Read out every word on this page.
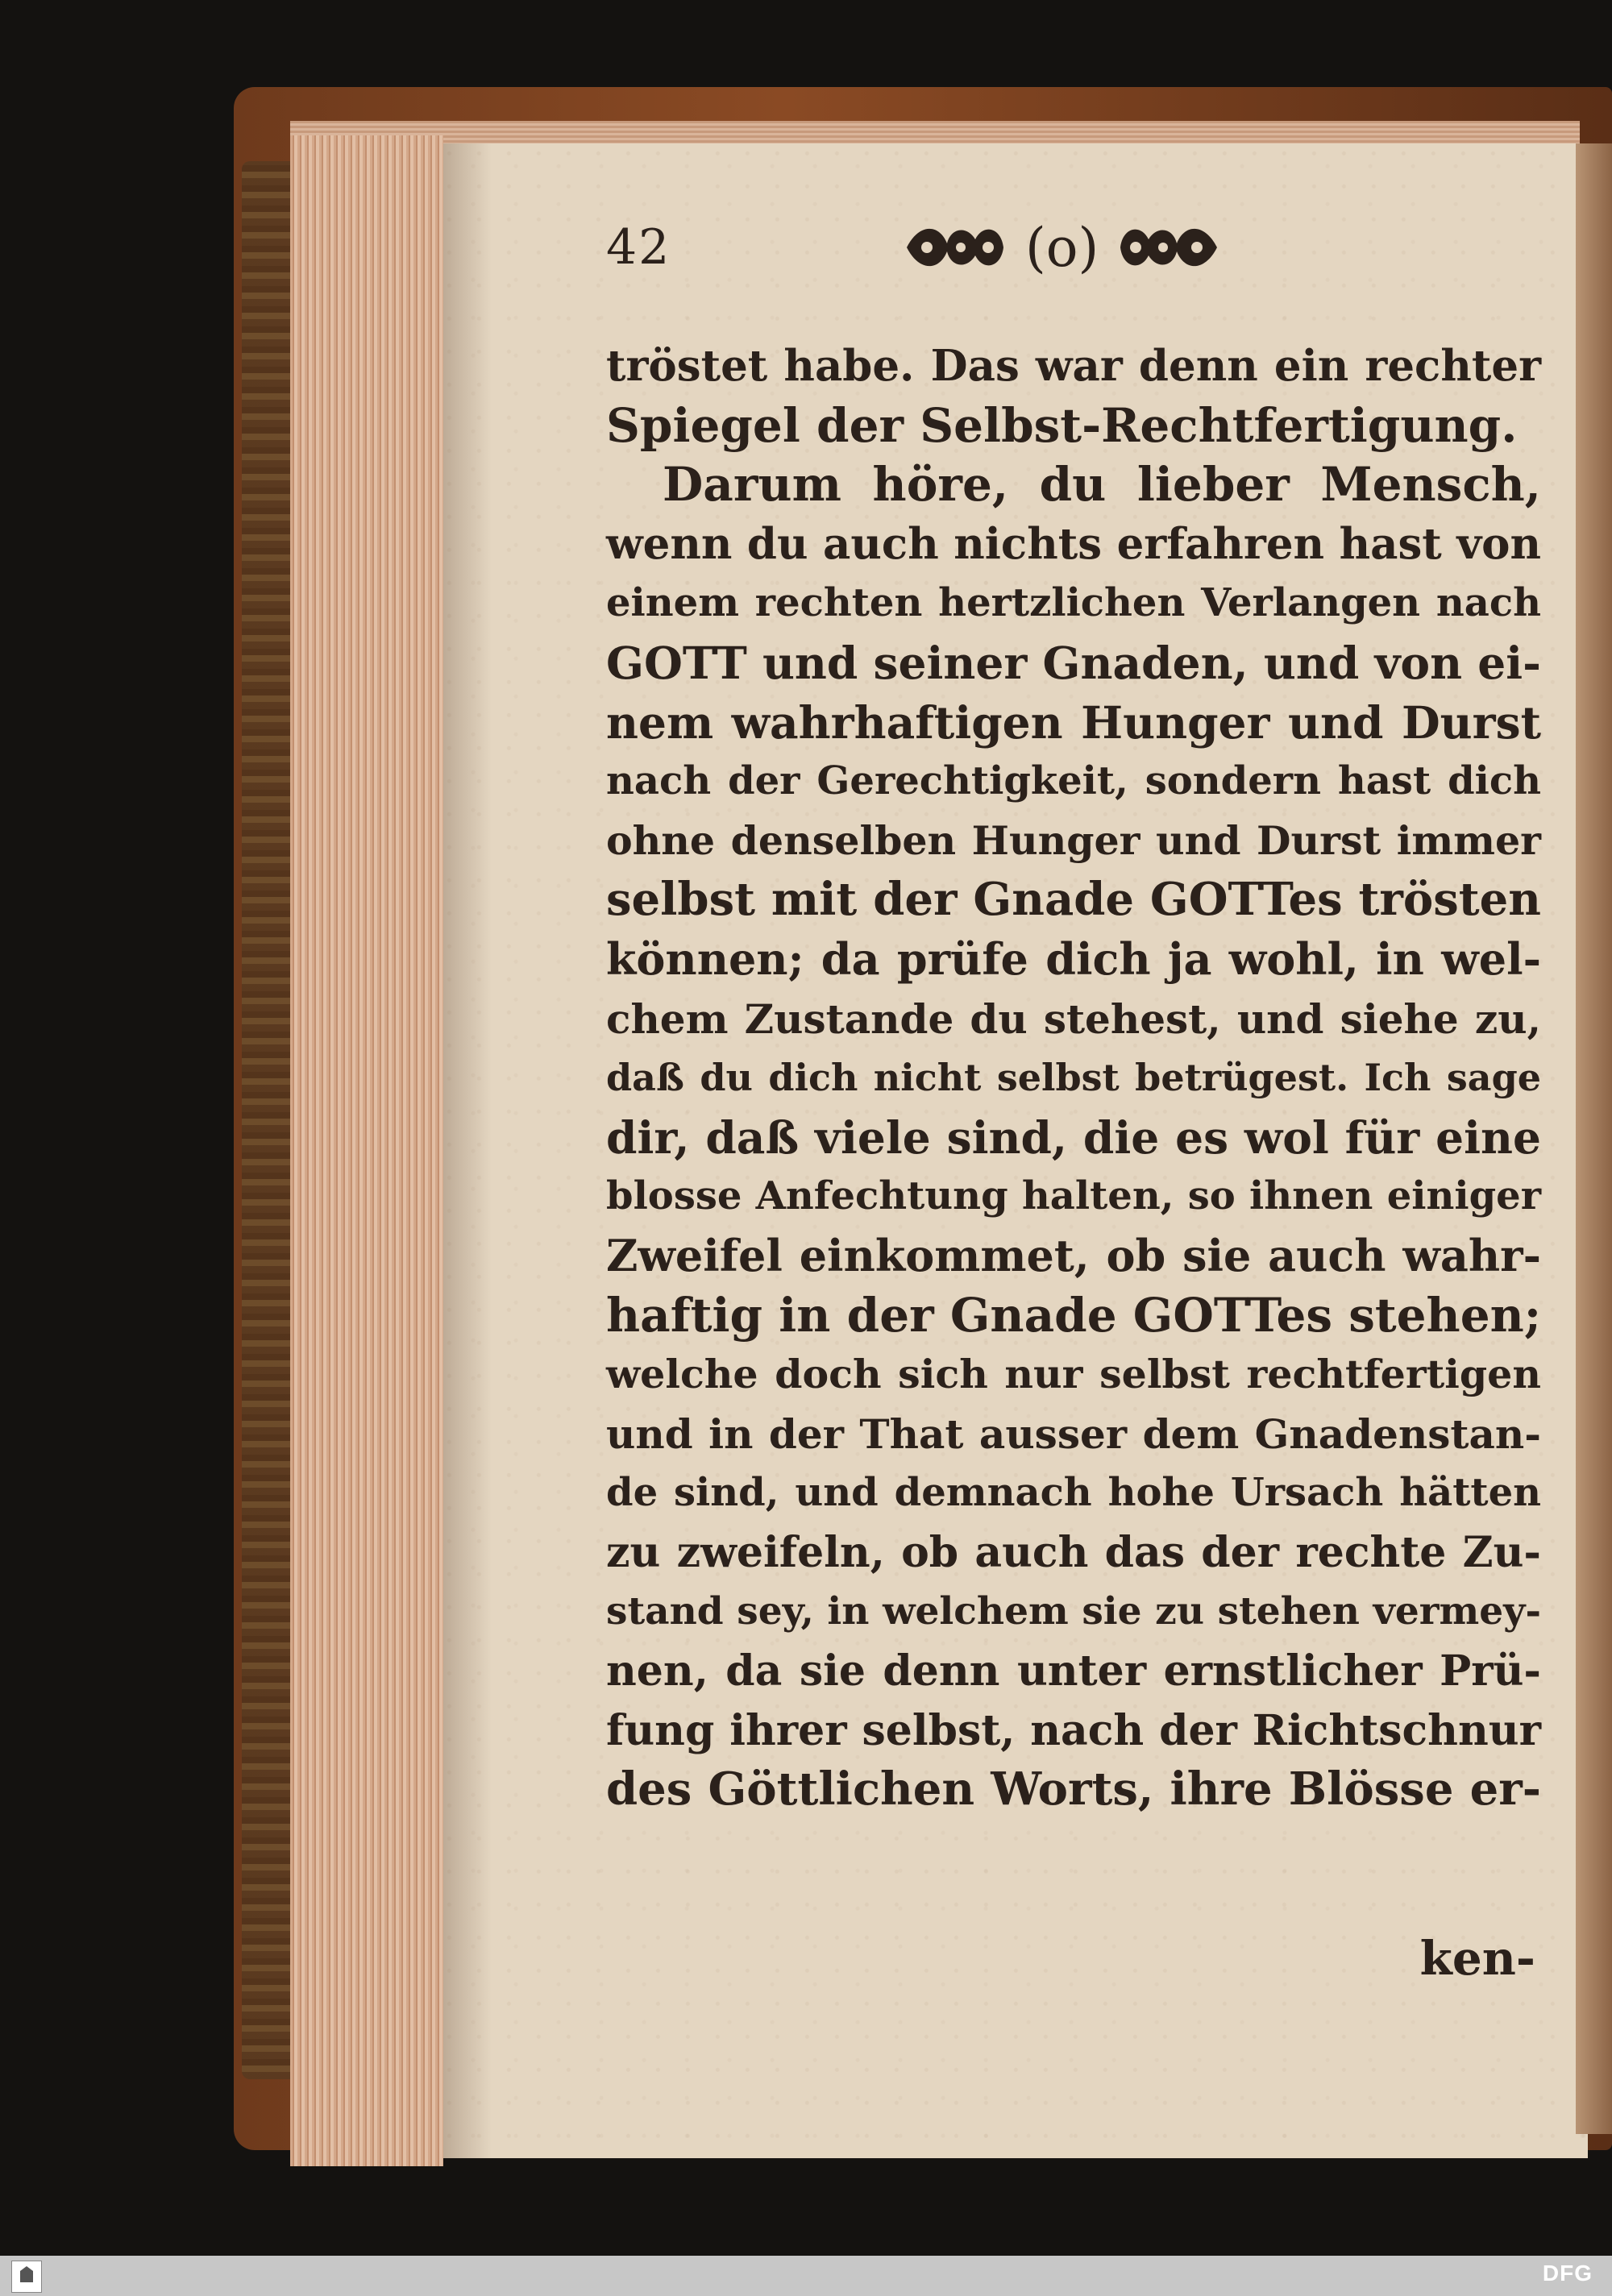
42	(o)
tröstet habe. Das war denn ein rechter
Spiegel der Selbst-Rechtfertigung.
Darum höre, du lieber Mensch,
wenn du auch nichts erfahren hast von
einem rechten hertzlichen Verlangen nach
GOTT und seiner Gnaden, und von ei-
nem wahrhaftigen Hunger und Durst
nach der Gerechtigkeit, sondern hast dich
ohne denselben Hunger und Durst immer
selbst mit der Gnade GOTTes trösten
können; da prüfe dich ja wohl, in wel-
chem Zustande du stehest, und siehe zu,
daß du dich nicht selbst betrügest. Ich sage
dir, daß viele sind, die es wol für eine
blosse Anfechtung halten, so ihnen einiger
Zweifel einkommet, ob sie auch wahr-
haftig in der Gnade GOTTes stehen;
welche doch sich nur selbst rechtfertigen
und in der That ausser dem Gnadenstan-
de sind, und demnach hohe Ursach hätten
zu zweifeln, ob auch das der rechte Zu-
stand sey, in welchem sie zu stehen vermey-
nen, da sie denn unter ernstlicher Prü-
fung ihrer selbst, nach der Richtschnur
des Göttlichen Worts, ihre Blösse er-
ken-
DFG
